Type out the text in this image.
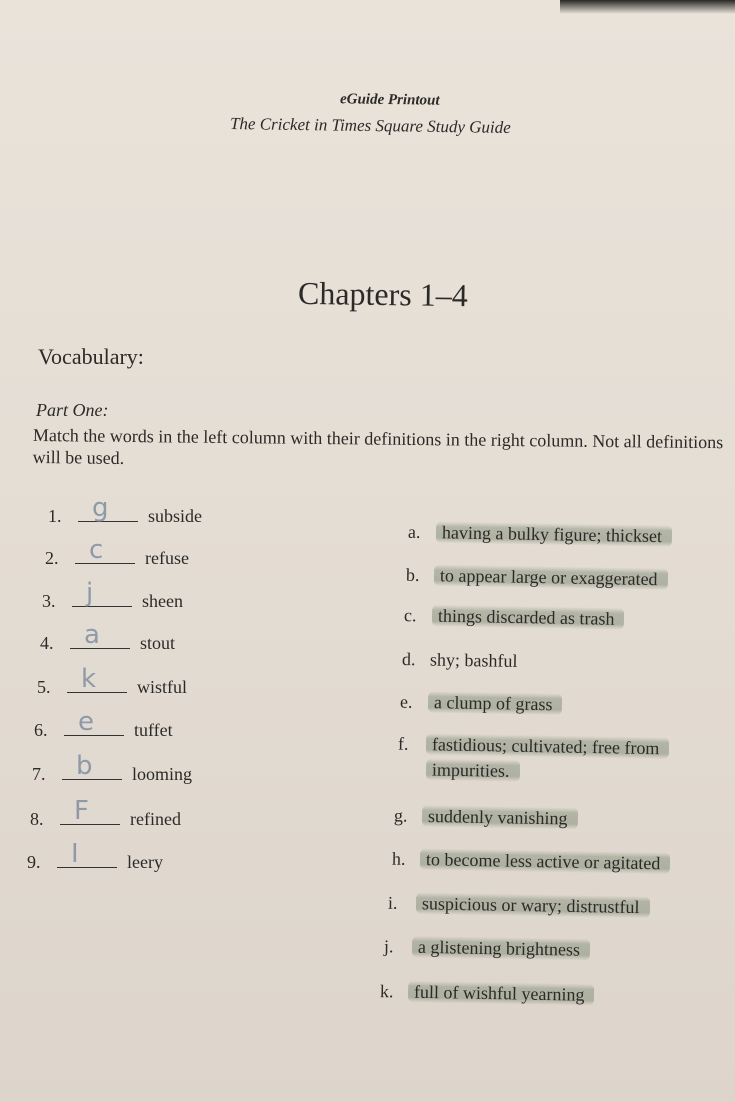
eGuide Printout
The Cricket in Times Square Study Guide
Chapters 1–4
Vocabulary:
Part One:
Match the words in the left column with their definitions in the right column. Not all definitions will be used.
1. g subside
2. c refuse
3. j	sheen
4. a stout
5. k wistful
6. e tuffet
7. b looming
8. F refined
9. I	leery
a. having a bulky figure; thickset
b. to appear large or exaggerated
c. things discarded as trash
d. shy; bashful
e. a clump of grass
f. fastidious; cultivated; free from
impurities.
g. suddenly vanishing
h. to become less active or agitated
i. suspicious or wary; distrustful
j. a glistening brightness
k. full of wishful yearning
